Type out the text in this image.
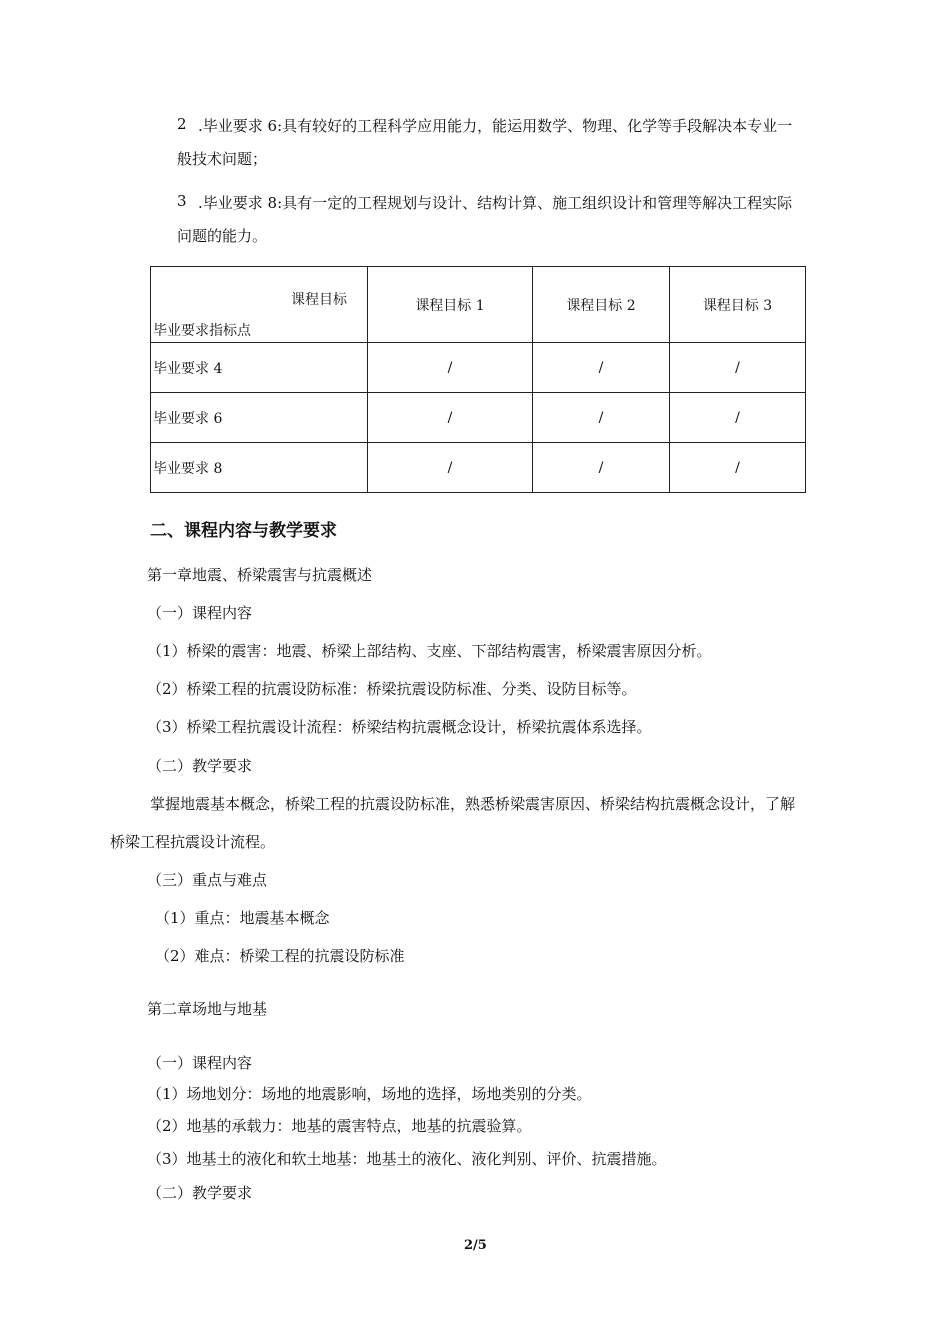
2 .毕业要求 6:具有较好的工程科学应用能力，能运用数学、物理、化学等手段解决本专业一
般技术问题；
3 .毕业要求 8:具有一定的工程规划与设计、结构计算、施工组织设计和管理等解决工程实际
问题的能力。
课程目标
毕业要求指标点	课程目标 1	课程目标 2	课程目标 3
毕业要求 4	/	/	/
毕业要求 6	/	/	/
毕业要求 8	/	/	/
二、课程内容与教学要求
第一章地震、桥梁震害与抗震概述
（一）课程内容
（1）桥梁的震害：地震、桥梁上部结构、支座、下部结构震害，桥梁震害原因分析。
（2）桥梁工程的抗震设防标准：桥梁抗震设防标准、分类、设防目标等。
（3）桥梁工程抗震设计流程：桥梁结构抗震概念设计，桥梁抗震体系选择。
（二）教学要求
掌握地震基本概念，桥梁工程的抗震设防标准，熟悉桥梁震害原因、桥梁结构抗震概念设计，了解
桥梁工程抗震设计流程。
（三）重点与难点
（1）重点：地震基本概念
（2）难点：桥梁工程的抗震设防标准
第二章场地与地基
（一）课程内容
（1）场地划分：场地的地震影响，场地的选择，场地类别的分类。
（2）地基的承载力：地基的震害特点，地基的抗震验算。
（3）地基土的液化和软土地基：地基土的液化、液化判别、评价、抗震措施。
（二）教学要求
2/5
